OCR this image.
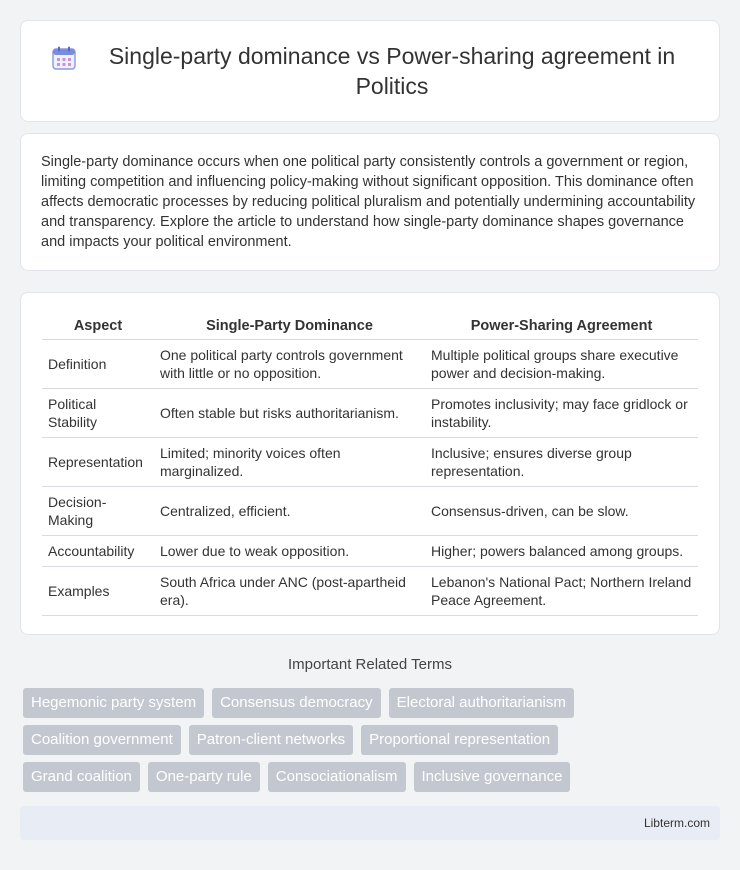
Single-party dominance vs Power-sharing agreement in Politics

Single-party dominance occurs when one political party consistently controls a government or region, limiting competition and influencing policy-making without significant opposition. This dominance often affects democratic processes by reducing political pluralism and potentially undermining accountability and transparency. Explore the article to understand how single-party dominance shapes governance and impacts your political environment.

Aspect	Single-Party Dominance	Power-Sharing Agreement
Definition	One political party controls government with little or no opposition.	Multiple political groups share executive power and decision-making.
Political Stability	Often stable but risks authoritarianism.	Promotes inclusivity; may face gridlock or instability.
Representation	Limited; minority voices often marginalized.	Inclusive; ensures diverse group representation.
Decision-Making	Centralized, efficient.	Consensus-driven, can be slow.
Accountability	Lower due to weak opposition.	Higher; powers balanced among groups.
Examples	South Africa under ANC (post-apartheid era).	Lebanon's National Pact; Northern Ireland Peace Agreement.
Important Related Terms
Hegemonic party system	Consensus democracy	Electoral authoritarianism
Coalition government	Patron-client networks	Proportional representation
Grand coalition	One-party rule	Consociationalism	Inclusive governance
Libterm.com
